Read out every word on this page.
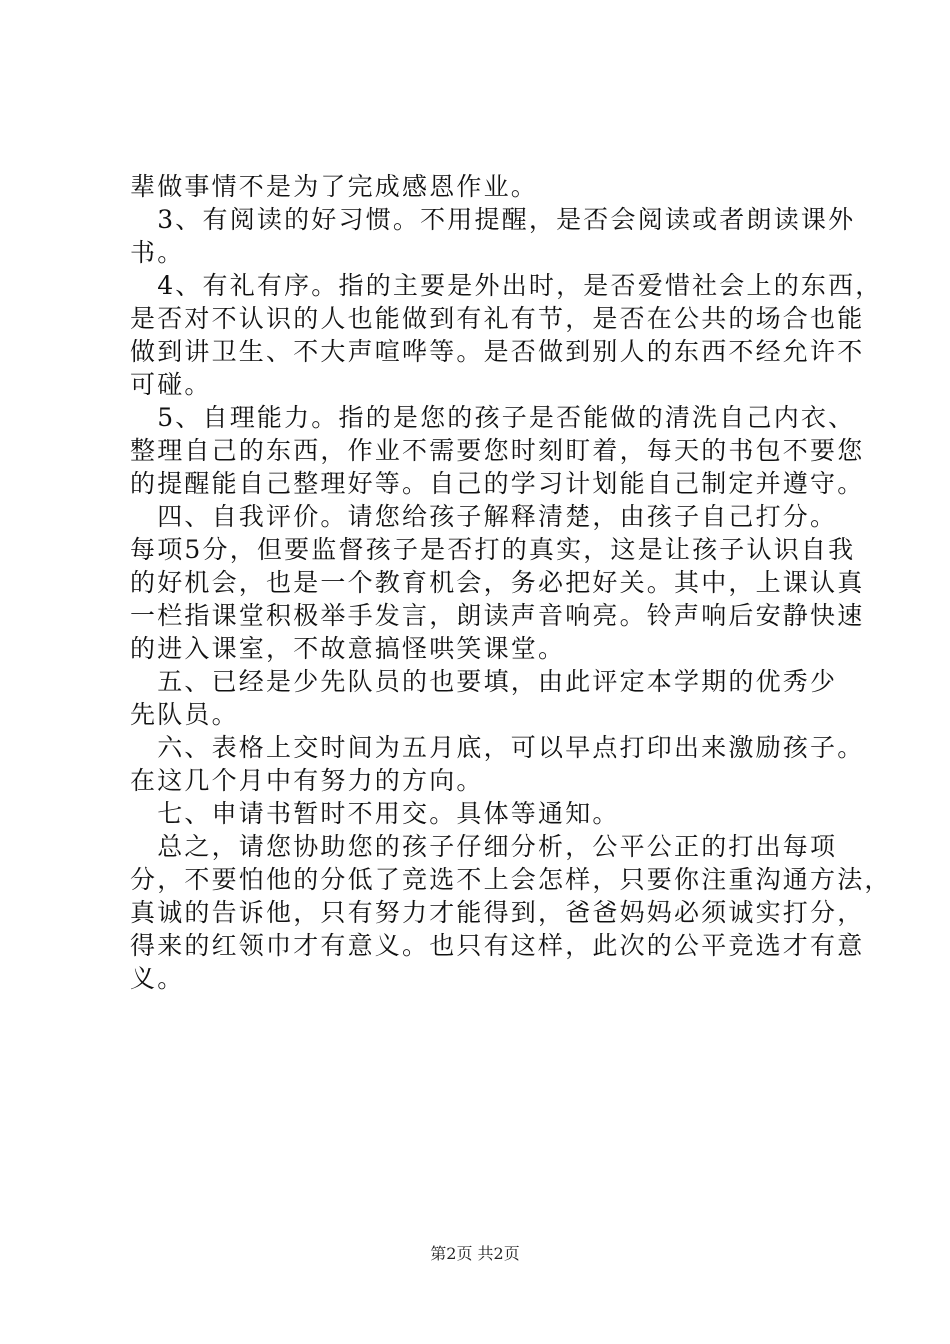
辈做事情不是为了完成感恩作业。
　3、有阅读的好习惯。不用提醒，是否会阅读或者朗读课外
书。
　4、有礼有序。指的主要是外出时，是否爱惜社会上的东西，
是否对不认识的人也能做到有礼有节，是否在公共的场合也能
做到讲卫生、不大声喧哗等。是否做到别人的东西不经允许不
可碰。
　5、自理能力。指的是您的孩子是否能做的清洗自己内衣、
整理自己的东西，作业不需要您时刻盯着，每天的书包不要您
的提醒能自己整理好等。自己的学习计划能自己制定并遵守。
　四、自我评价。请您给孩子解释清楚，由孩子自己打分。
每项5分，但要监督孩子是否打的真实，这是让孩子认识自我
的好机会，也是一个教育机会，务必把好关。其中，上课认真
一栏指课堂积极举手发言，朗读声音响亮。铃声响后安静快速
的进入课室，不故意搞怪哄笑课堂。
　五、已经是少先队员的也要填，由此评定本学期的优秀少
先队员。
　六、表格上交时间为五月底，可以早点打印出来激励孩子。
在这几个月中有努力的方向。
　七、申请书暂时不用交。具体等通知。
　总之，请您协助您的孩子仔细分析，公平公正的打出每项
分，不要怕他的分低了竞选不上会怎样，只要你注重沟通方法，
真诚的告诉他，只有努力才能得到，爸爸妈妈必须诚实打分，
得来的红领巾才有意义。也只有这样，此次的公平竞选才有意
义。
第2页 共2页
